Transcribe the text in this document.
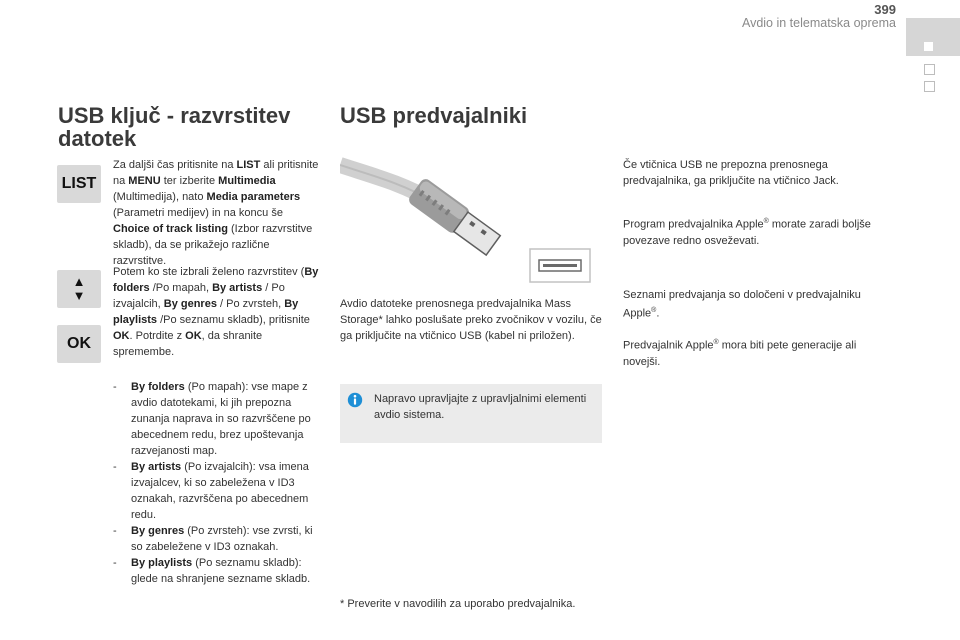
399
Avdio in telematska oprema
USB ključ - razvrstitev
datotek
LIST
▲
▼
OK
Za daljši čas pritisnite na LIST ali pritisnite na MENU ter izberite Multimedia (Multimedija), nato Media parameters (Parametri medijev) in na koncu še Choice of track listing (Izbor razvrstitve skladb), da se prikažejo različne razvrstitve.
Potem ko ste izbrali želeno razvrstitev (By folders /Po mapah, By artists / Po izvajalcih, By genres / Po zvrsteh, By playlists /Po seznamu skladb), pritisnite OK. Potrdite z OK, da shranite spremembe.
- By folders (Po mapah): vse mape z avdio datotekami, ki jih prepozna zunanja naprava in so razvrščene po abecednem redu, brez upoštevanja razvejanosti map.
- By artists (Po izvajalcih): vsa imena izvajalcev, ki so zabeležena v ID3 oznakah, razvrščena po abecednem redu.
- By genres (Po zvrsteh): vse zvrsti, ki so zabeležene v ID3 oznakah.
- By playlists (Po seznamu skladb): glede na shranjene sezname skladb.
USB predvajalniki
Avdio datoteke prenosnega predvajalnika Mass Storage* lahko poslušate preko zvočnikov v vozilu, če ga priključite na vtičnico USB (kabel ni priložen).
Napravo upravljajte z upravljalnimi elementi avdio sistema.
* Preverite v navodilih za uporabo predvajalnika.
Če vtičnica USB ne prepozna prenosnega predvajalnika, ga priključite na vtičnico Jack.
Program predvajalnika Apple® morate zaradi boljše povezave redno osveževati.
Seznami predvajanja so določeni v predvajalniku Apple®.
Predvajalnik Apple® mora biti pete generacije ali novejši.
